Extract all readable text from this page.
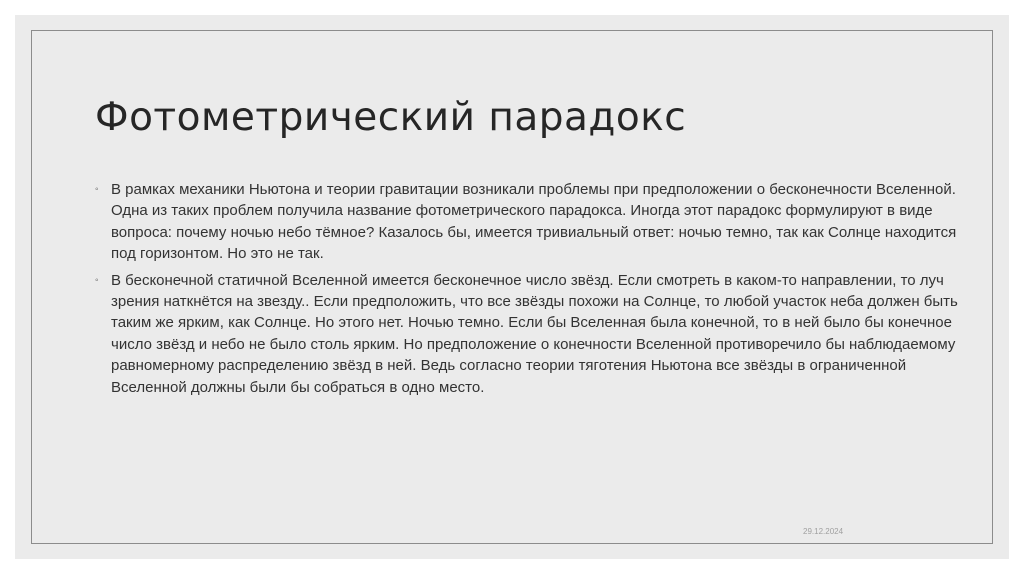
Фотометрический парадокс
◦ В рамках механики Ньютона и теории гравитации возникали проблемы при предположении о бесконечности Вселенной. Одна из таких проблем получила название фотометрического парадокса. Иногда этот парадокс формулируют в виде вопроса: почему ночью небо тёмное? Казалось бы, имеется тривиальный ответ: ночью темно, так как Солнце находится под горизонтом. Но это не так.
◦ В бесконечной статичной Вселенной имеется бесконечное число звёзд. Если смотреть в каком-то направлении, то луч зрения наткнётся на звезду.. Если предположить, что все звёзды похожи на Солнце, то любой участок неба должен быть таким же ярким, как Солнце. Но этого нет. Ночью темно. Если бы Вселенная была конечной, то в ней было бы конечное число звёзд и небо не было столь ярким. Но предположение о конечности Вселенной противоречило бы наблюдаемому равномерному распределению звёзд в ней. Ведь согласно теории тяготения Ньютона все звёзды в ограниченной Вселенной должны были бы собраться в одно место.
29.12.2024
